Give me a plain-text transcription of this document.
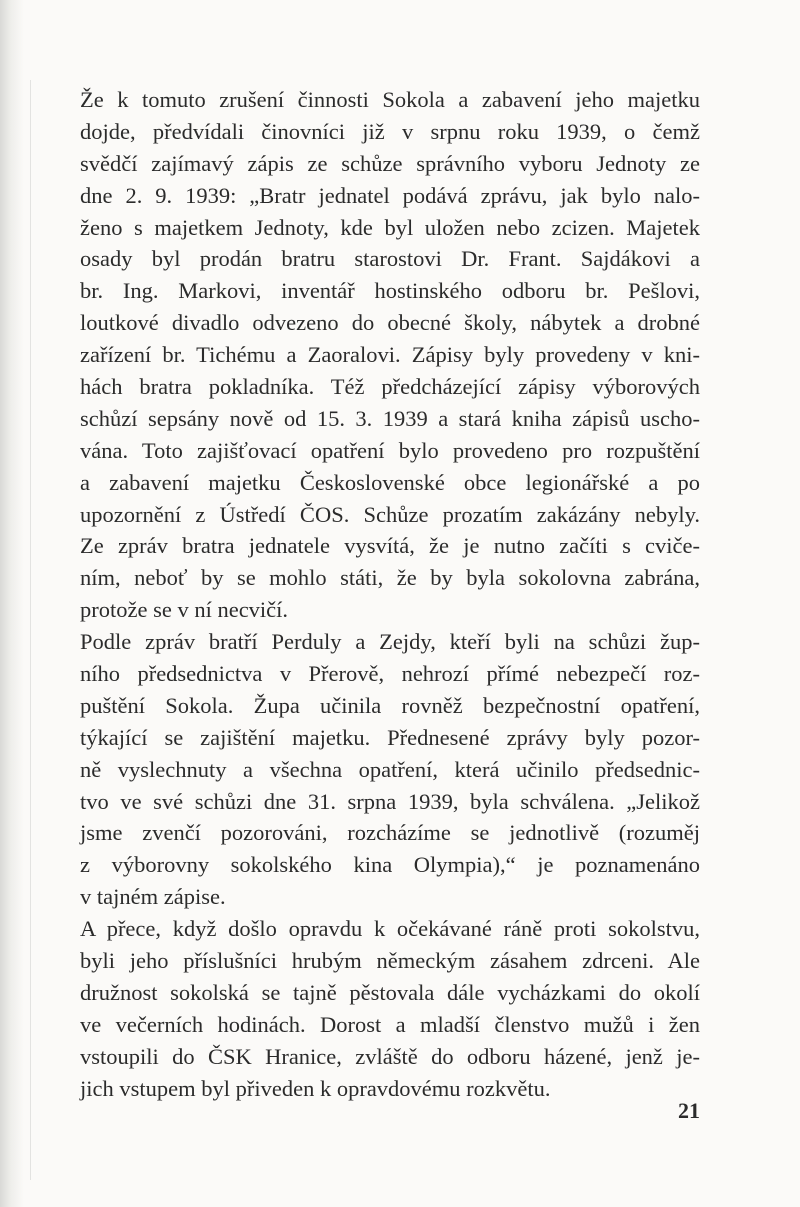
Že k tomuto zrušení činnosti Sokola a zabavení jeho majetku
dojde, předvídali činovníci již v srpnu roku 1939, o čemž
svědčí zajímavý zápis ze schůze správního vyboru Jednoty ze
dne 2. 9. 1939: „Bratr jednatel podává zprávu, jak bylo nalo-
ženo s majetkem Jednoty, kde byl uložen nebo zcizen. Majetek
osady byl prodán bratru starostovi Dr. Frant. Sajdákovi a
br. Ing. Markovi, inventář hostinského odboru br. Pešlovi,
loutkové divadlo odvezeno do obecné školy, nábytek a drobné
zařízení br. Tichému a Zaoralovi. Zápisy byly provedeny v kni-
hách bratra pokladníka. Též předcházející zápisy výborových
schůzí sepsány nově od 15. 3. 1939 a stará kniha zápisů uscho-
vána. Toto zajišťovací opatření bylo provedeno pro rozpuštění
a zabavení majetku Československé obce legionářské a po
upozornění z Ústředí ČOS. Schůze prozatím zakázány nebyly.
Ze zpráv bratra jednatele vysvítá, že je nutno začíti s cviče-
ním, neboť by se mohlo státi, že by byla sokolovna zabrána,
protože se v ní necvičí.
Podle zpráv bratří Perduly a Zejdy, kteří byli na schůzi žup-
ního předsednictva v Přerově, nehrozí přímé nebezpečí roz-
puštění Sokola. Župa učinila rovněž bezpečnostní opatření,
týkající se zajištění majetku. Přednesené zprávy byly pozor-
ně vyslechnuty a všechna opatření, která učinilo předsednic-
tvo ve své schůzi dne 31. srpna 1939, byla schválena. „Jelikož
jsme zvenčí pozorováni, rozcházíme se jednotlivě (rozuměj
z výborovny sokolského kina Olympia),“ je poznamenáno
v tajném zápise.
A přece, když došlo opravdu k očekávané ráně proti sokolstvu,
byli jeho příslušníci hrubým německým zásahem zdrceni. Ale
družnost sokolská se tajně pěstovala dále vycházkami do okolí
ve večerních hodinách. Dorost a mladší členstvo mužů i žen
vstoupili do ČSK Hranice, zvláště do odboru házené, jenž je-
jich vstupem byl přiveden k opravdovému rozkvětu.
21
